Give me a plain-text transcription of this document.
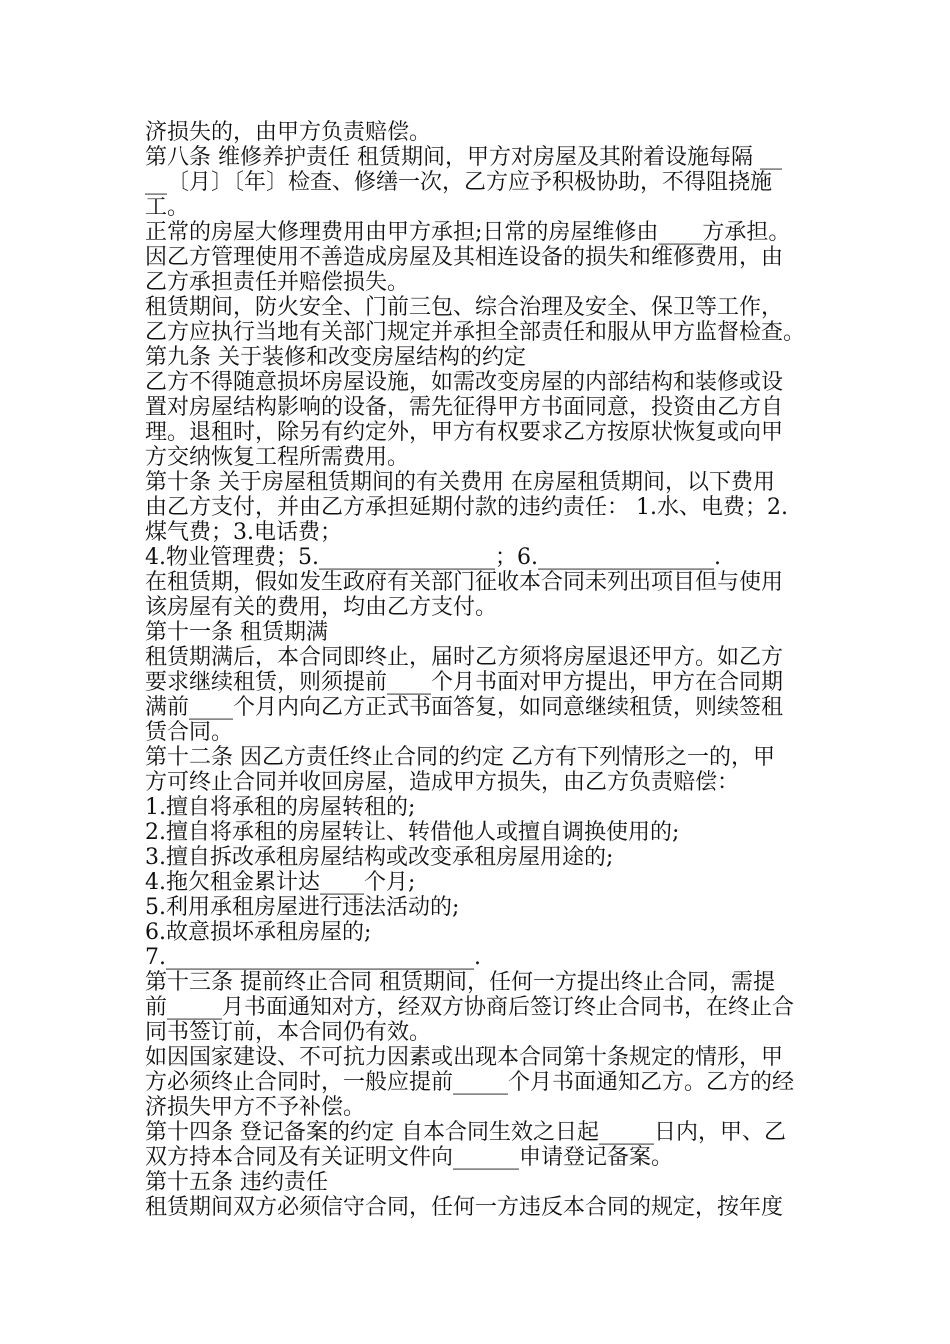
济损失的，由甲方负责赔偿。
第八条 维修养护责任 租赁期间，甲方对房屋及其附着设施每隔 __
__〔月〕〔年〕检查、修缮一次，乙方应予积极协助，不得阻挠施
工。
正常的房屋大修理费用由甲方承担;日常的房屋维修由____方承担。
因乙方管理使用不善造成房屋及其相连设备的损失和维修费用，由
乙方承担责任并赔偿损失。
租赁期间，防火安全、门前三包、综合治理及安全、保卫等工作，
乙方应执行当地有关部门规定并承担全部责任和服从甲方监督检查。
第九条 关于装修和改变房屋结构的约定
乙方不得随意损坏房屋设施，如需改变房屋的内部结构和装修或设
置对房屋结构影响的设备，需先征得甲方书面同意，投资由乙方自
理。退租时，除另有约定外，甲方有权要求乙方按原状恢复或向甲
方交纳恢复工程所需费用。
第十条 关于房屋租赁期间的有关费用 在房屋租赁期间，以下费用
由乙方支付，并由乙方承担延期付款的违约责任： 1.水、电费；2.
煤气费；3.电话费；
4.物业管理费；5.________________；6.________________.
在租赁期，假如发生政府有关部门征收本合同未列出项目但与使用
该房屋有关的费用，均由乙方支付。
第十一条 租赁期满
租赁期满后，本合同即终止，届时乙方须将房屋退还甲方。如乙方
要求继续租赁，则须提前____个月书面对甲方提出，甲方在合同期
满前____个月内向乙方正式书面答复，如同意继续租赁，则续签租
赁合同。
第十二条 因乙方责任终止合同的约定 乙方有下列情形之一的，甲
方可终止合同并收回房屋，造成甲方损失，由乙方负责赔偿：
1.擅自将承租的房屋转租的;
2.擅自将承租的房屋转让、转借他人或擅自调换使用的;
3.擅自拆改承租房屋结构或改变承租房屋用途的;
4.拖欠租金累计达____个月;
5.利用承租房屋进行违法活动的;
6.故意损坏承租房屋的;
7.____________________________.
第十三条 提前终止合同 租赁期间，任何一方提出终止合同，需提
前_____月书面通知对方，经双方协商后签订终止合同书，在终止合
同书签订前，本合同仍有效。
如因国家建设、不可抗力因素或出现本合同第十条规定的情形，甲
方必须终止合同时，一般应提前_____个月书面通知乙方。乙方的经
济损失甲方不予补偿。
第十四条 登记备案的约定 自本合同生效之日起_____日内，甲、乙
双方持本合同及有关证明文件向______申请登记备案。
第十五条 违约责任
租赁期间双方必须信守合同，任何一方违反本合同的规定，按年度
